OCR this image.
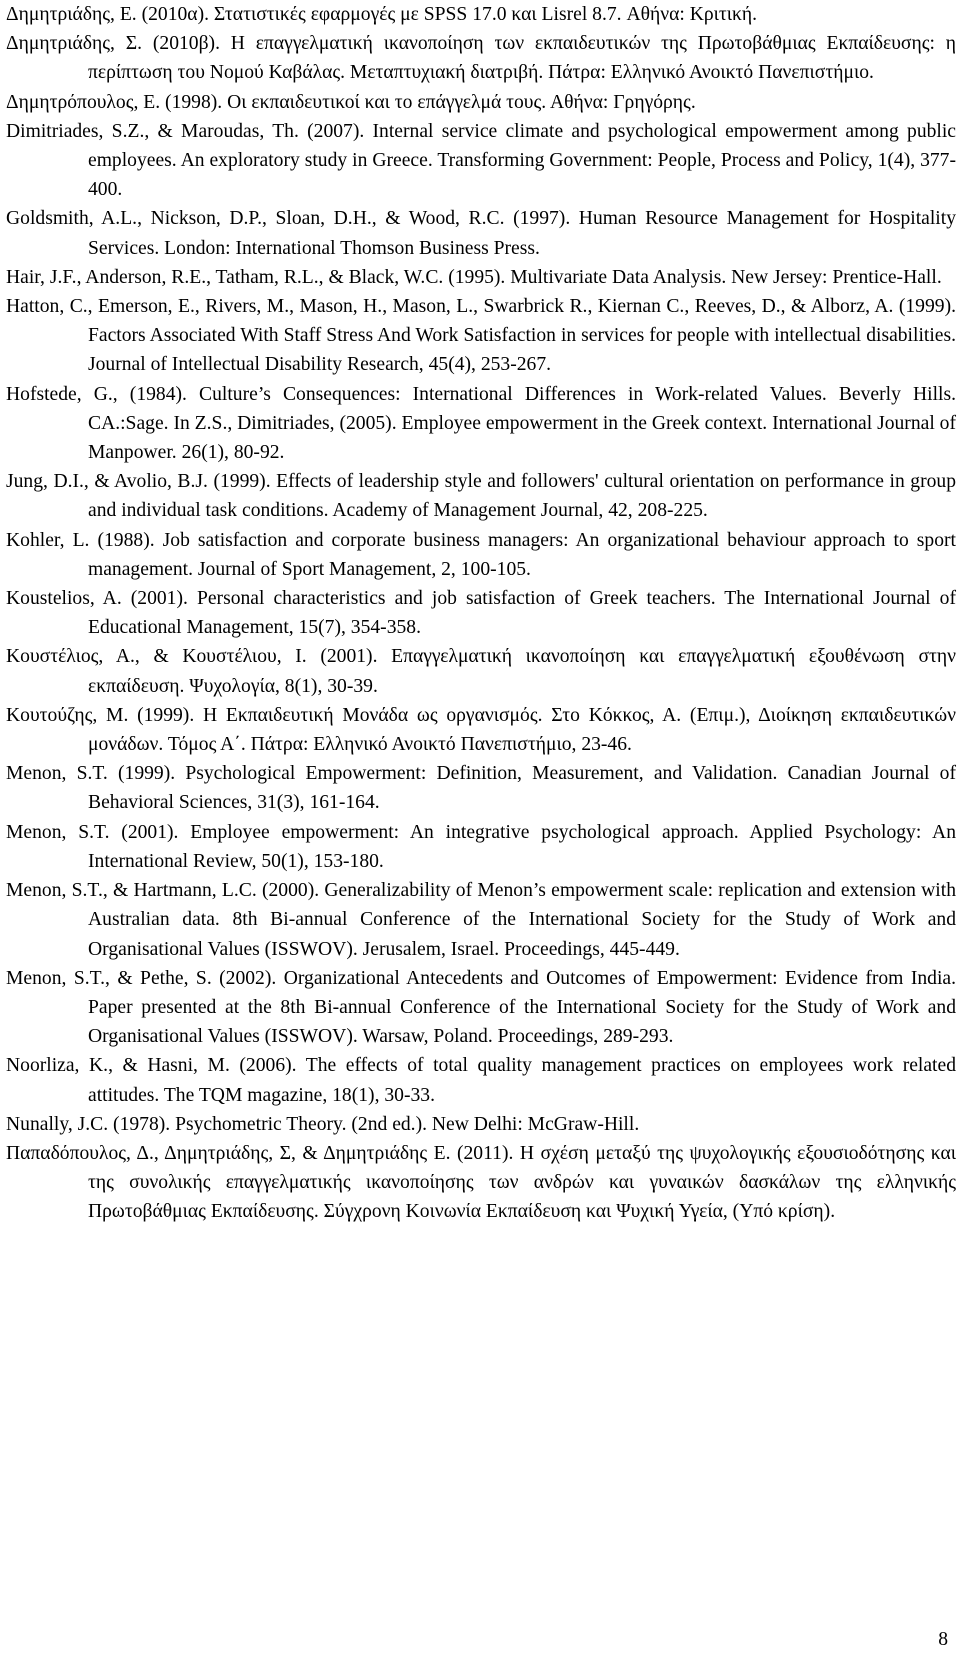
Δημητριάδης, Ε. (2010α). Στατιστικές εφαρμογές με SPSS 17.0 και Lisrel 8.7. Αθήνα: Κριτική.
Δημητριάδης, Σ. (2010β). Η επαγγελματική ικανοποίηση των εκπαιδευτικών της Πρωτοβάθμιας Εκπαίδευσης: η περίπτωση του Νομού Καβάλας. Μεταπτυχιακή διατριβή. Πάτρα: Ελληνικό Ανοικτό Πανεπιστήμιο.
Δημητρόπουλος, Ε. (1998). Οι εκπαιδευτικοί και το επάγγελμά τους. Αθήνα: Γρηγόρης.
Dimitriades, S.Z., & Maroudas, Th. (2007). Internal service climate and psychological empowerment among public employees. An exploratory study in Greece. Transforming Government: People, Process and Policy, 1(4), 377-400.
Goldsmith, A.L., Nickson, D.P., Sloan, D.H., & Wood, R.C. (1997). Human Resource Management for Hospitality Services. London: International Thomson Business Press.
Hair, J.F., Anderson, R.E., Tatham, R.L., & Black, W.C. (1995). Multivariate Data Analysis. New Jersey: Prentice-Hall.
Hatton, C., Emerson, E., Rivers, M., Mason, H., Mason, L., Swarbrick R., Kiernan C., Reeves, D., & Alborz, A. (1999). Factors Associated With Staff Stress And Work Satisfaction in services for people with intellectual disabilities. Journal of Intellectual Disability Research, 45(4), 253-267.
Hofstede, G., (1984). Culture’s Consequences: International Differences in Work-related Values. Beverly Hills. CA.:Sage. In Z.S., Dimitriades, (2005). Employee empowerment in the Greek context. International Journal of Manpower. 26(1), 80-92.
Jung, D.I., & Avolio, B.J. (1999). Effects of leadership style and followers' cultural orientation on performance in group and individual task conditions. Academy of Management Journal, 42, 208-225.
Kohler, L. (1988). Job satisfaction and corporate business managers: An organizational behaviour approach to sport management. Journal of Sport Management, 2, 100-105.
Koustelios, A. (2001). Personal characteristics and job satisfaction of Greek teachers. The International Journal of Educational Management, 15(7), 354-358.
Κουστέλιος, Α., & Κουστέλιου, Ι. (2001). Επαγγελματική ικανοποίηση και επαγγελματική εξουθένωση στην εκπαίδευση. Ψυχολογία, 8(1), 30-39.
Κουτούζης, Μ. (1999). Η Εκπαιδευτική Μονάδα ως οργανισμός. Στο Κόκκος, Α. (Επιμ.), Διοίκηση εκπαιδευτικών μονάδων. Τόμος Α΄. Πάτρα: Ελληνικό Ανοικτό Πανεπιστήμιο, 23-46.
Menon, S.T. (1999). Psychological Empowerment: Definition, Measurement, and Validation. Canadian Journal of Behavioral Sciences, 31(3), 161-164.
Menon, S.T. (2001). Employee empowerment: An integrative psychological approach. Applied Psychology: An International Review, 50(1), 153-180.
Menon, S.T., & Hartmann, L.C. (2000). Generalizability of Menon’s empowerment scale: replication and extension with Australian data. 8th Bi-annual Conference of the International Society for the Study of Work and Organisational Values (ISSWOV). Jerusalem, Israel. Proceedings, 445-449.
Menon, S.T., & Pethe, S. (2002). Organizational Antecedents and Outcomes of Empowerment: Evidence from India. Paper presented at the 8th Bi-annual Conference of the International Society for the Study of Work and Organisational Values (ISSWOV). Warsaw, Poland. Proceedings, 289-293.
Noorliza, K., & Hasni, M. (2006). The effects of total quality management practices on employees work related attitudes. The TQM magazine, 18(1), 30-33.
Nunally, J.C. (1978). Psychometric Theory. (2nd ed.). New Delhi: McGraw-Hill.
Παπαδόπουλος, Δ., Δημητριάδης, Σ, & Δημητριάδης Ε. (2011). Η σχέση μεταξύ της ψυχολογικής εξουσιοδότησης και της συνολικής επαγγελματικής ικανοποίησης των ανδρών και γυναικών δασκάλων της ελληνικής Πρωτοβάθμιας Εκπαίδευσης. Σύγχρονη Κοινωνία Εκπαίδευση και Ψυχική Υγεία, (Υπό κρίση).
8
